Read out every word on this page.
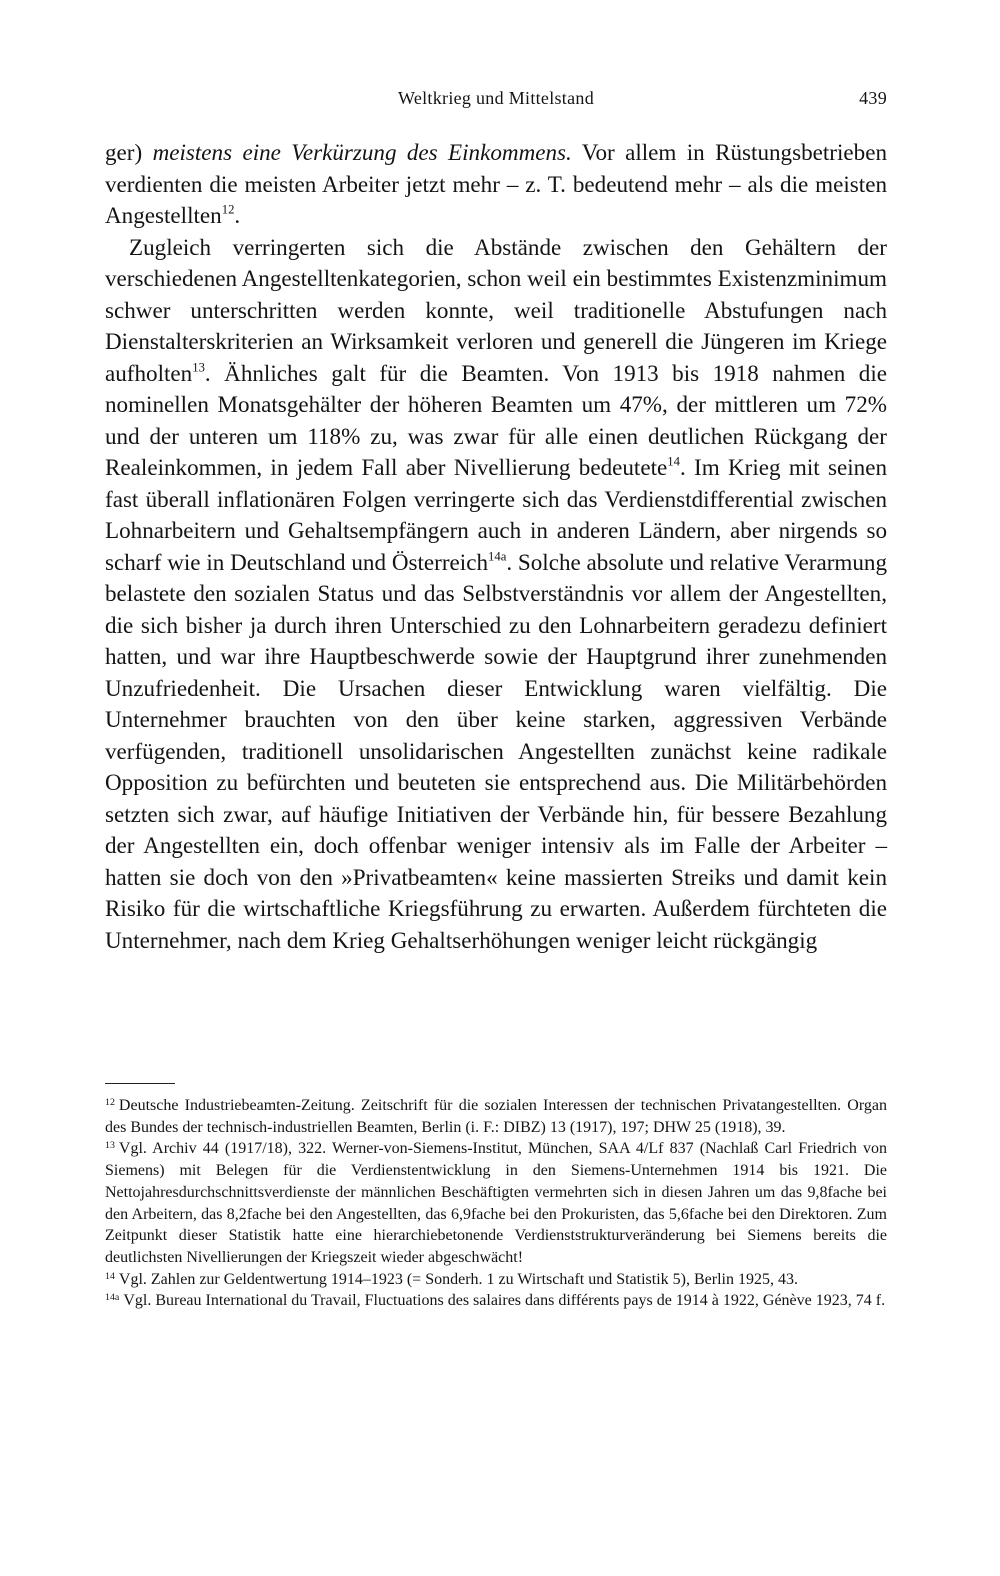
Weltkrieg und Mittelstand	439

ger) meistens eine Verkürzung des Einkommens. Vor allem in Rüstungsbetrieben verdienten die meisten Arbeiter jetzt mehr – z. T. bedeutend mehr – als die meisten Angestellten$^{12}$.

Zugleich verringerten sich die Abstände zwischen den Gehältern der verschiedenen Angestelltenkategorien, schon weil ein bestimmtes Existenzminimum schwer unterschritten werden konnte, weil traditionelle Abstufungen nach Dienstalterskriterien an Wirksamkeit verloren und generell die Jüngeren im Kriege aufholten$^{13}$. Ähnliches galt für die Beamten. Von 1913 bis 1918 nahmen die nominellen Monatsgehälter der höheren Beamten um 47%, der mittleren um 72% und der unteren um 118% zu, was zwar für alle einen deutlichen Rückgang der Realeinkommen, in jedem Fall aber Nivellierung bedeutete$^{14}$. Im Krieg mit seinen fast überall inflationären Folgen verringerte sich das Verdienstdifferential zwischen Lohnarbeitern und Gehaltsempfängern auch in anderen Ländern, aber nirgends so scharf wie in Deutschland und Österreich$^{14a}$. Solche absolute und relative Verarmung belastete den sozialen Status und das Selbstverständnis vor allem der Angestellten, die sich bisher ja durch ihren Unterschied zu den Lohnarbeitern geradezu definiert hatten, und war ihre Hauptbeschwerde sowie der Hauptgrund ihrer zunehmenden Unzufriedenheit. Die Ursachen dieser Entwicklung waren vielfältig. Die Unternehmer brauchten von den über keine starken, aggressiven Verbände verfügenden, traditionell unsolidarischen Angestellten zunächst keine radikale Opposition zu befürchten und beuteten sie entsprechend aus. Die Militärbehörden setzten sich zwar, auf häufige Initiativen der Verbände hin, für bessere Bezahlung der Angestellten ein, doch offenbar weniger intensiv als im Falle der Arbeiter – hatten sie doch von den »Privatbeamten« keine massierten Streiks und damit kein Risiko für die wirtschaftliche Kriegsführung zu erwarten. Außerdem fürchteten die Unternehmer, nach dem Krieg Gehaltserhöhungen weniger leicht rückgängig

$^{12}$ Deutsche Industriebeamten-Zeitung. Zeitschrift für die sozialen Interessen der technischen Privatangestellten. Organ des Bundes der technisch-industriellen Beamten, Berlin (i. F.: DIBZ) 13 (1917), 197; DHW 25 (1918), 39.

$^{13}$ Vgl. Archiv 44 (1917/18), 322. Werner-von-Siemens-Institut, München, SAA 4/Lf 837 (Nachlaß Carl Friedrich von Siemens) mit Belegen für die Verdienstentwicklung in den Siemens-Unternehmen 1914 bis 1921. Die Nettojahresdurchschnittsverdienste der männlichen Beschäftigten vermehrten sich in diesen Jahren um das 9,8fache bei den Arbeitern, das 8,2fache bei den Angestellten, das 6,9fache bei den Prokuristen, das 5,6fache bei den Direktoren. Zum Zeitpunkt dieser Statistik hatte eine hierarchiebetonende Verdienststrukturveränderung bei Siemens bereits die deutlichsten Nivellierungen der Kriegszeit wieder abgeschwächt!

$^{14}$ Vgl. Zahlen zur Geldentwertung 1914–1923 (= Sonderh. 1 zu Wirtschaft und Statistik 5), Berlin 1925, 43.

$^{14a}$ Vgl. Bureau International du Travail, Fluctuations des salaires dans différents pays de 1914 à 1922, Génève 1923, 74 f.
